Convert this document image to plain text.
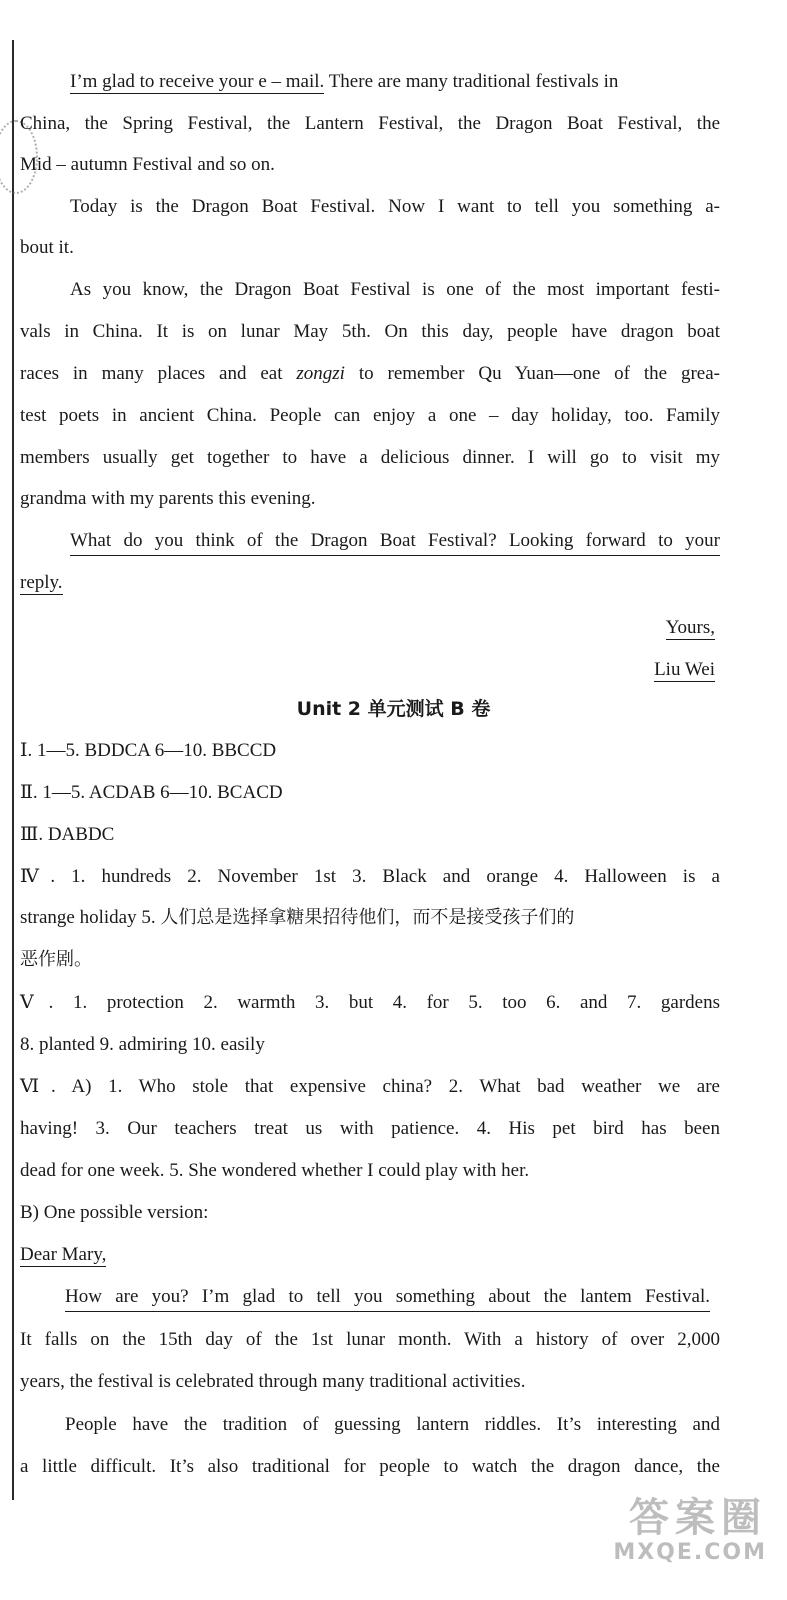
I’m glad to receive your e – mail. There are many traditional festivals in
China, the Spring Festival, the Lantern Festival, the Dragon Boat Festival, the
Mid – autumn Festival and so on.
Today is the Dragon Boat Festival. Now I want to tell you something a-
bout it.
As you know, the Dragon Boat Festival is one of the most important festi-
vals in China. It is on lunar May 5th. On this day, people have dragon boat
races in many places and eat zongzi to remember Qu Yuan—one of the grea-
test poets in ancient China. People can enjoy a one – day holiday, too. Family
members usually get together to have a delicious dinner. I will go to visit my
grandma with my parents this evening.
What do you think of the Dragon Boat Festival? Looking forward to your
reply.
Yours,
Liu Wei
Unit 2 单元测试 B 卷
Ⅰ. 1—5. BDDCA 6—10. BBCCD
Ⅱ. 1—5. ACDAB 6—10. BCACD
Ⅲ. DABDC
Ⅳ. 1. hundreds 2. November 1st 3. Black and orange 4. Halloween is a
strange holiday 5. 人们总是选择拿糖果招待他们，而不是接受孩子们的
恶作剧。
Ⅴ. 1. protection 2. warmth 3. but 4. for 5. too 6. and 7. gardens
8. planted 9. admiring 10. easily
Ⅵ. A) 1. Who stole that expensive china? 2. What bad weather we are
having! 3. Our teachers treat us with patience. 4. His pet bird has been
dead for one week. 5. She wondered whether I could play with her.
B) One possible version:
Dear Mary,
How are you? I’m glad to tell you something about the lantem Festival.
It falls on the 15th day of the 1st lunar month. With a history of over 2,000
years, the festival is celebrated through many traditional activities.
People have the tradition of guessing lantern riddles. It’s interesting and
a little difficult. It’s also traditional for people to watch the dragon dance, the
答案圈
MXQE.COM
